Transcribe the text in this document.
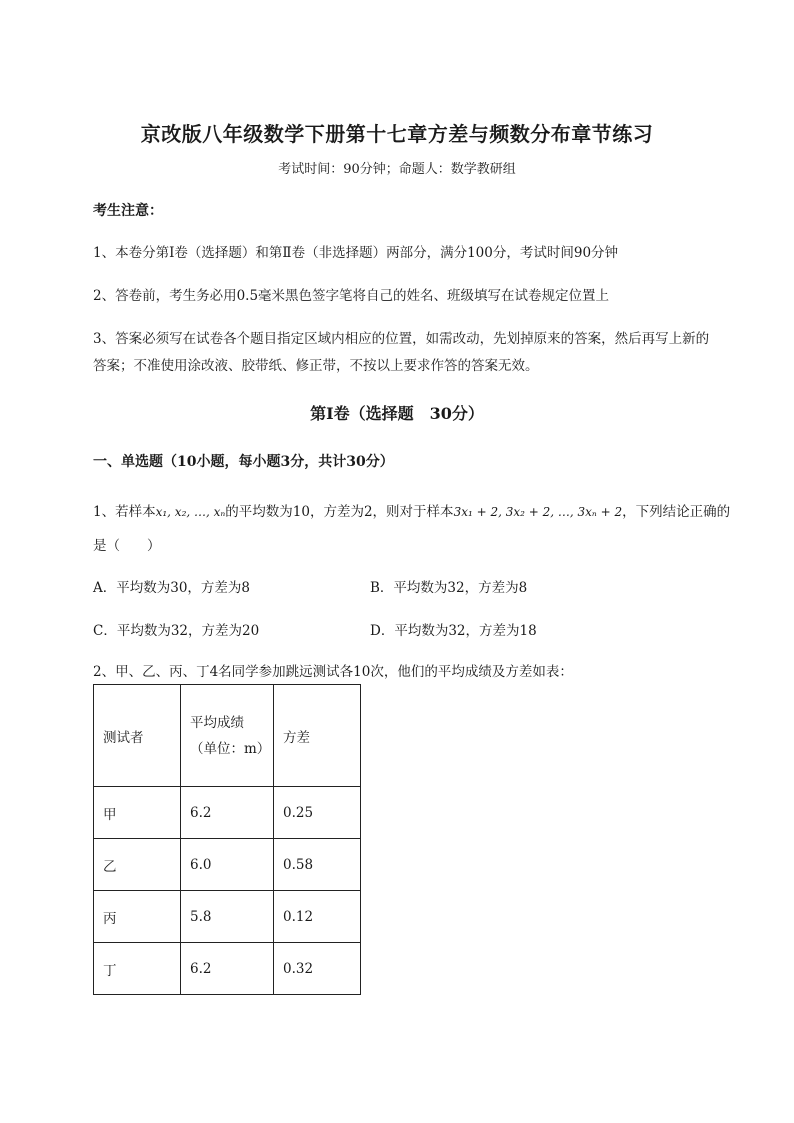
京改版八年级数学下册第十七章方差与频数分布章节练习
考试时间：90分钟；命题人：数学教研组
考生注意：
1、本卷分第I卷（选择题）和第Ⅱ卷（非选择题）两部分，满分100分，考试时间90分钟
2、答卷前，考生务必用0.5毫米黑色签字笔将自己的姓名、班级填写在试卷规定位置上
3、答案必须写在试卷各个题目指定区域内相应的位置，如需改动，先划掉原来的答案，然后再写上新的答案；不准使用涂改液、胶带纸、修正带，不按以上要求作答的答案无效。
第I卷（选择题　30分）
一、单选题（10小题，每小题3分，共计30分）
1、若样本x₁, x₂, …, xₙ的平均数为10，方差为2，则对于样本3x₁ + 2, 3x₂ + 2, …, 3xₙ + 2，下列结论正确的
是（　　）
A．平均数为30，方差为8	B．平均数为32，方差为8
C．平均数为32，方差为20	D．平均数为32，方差为18
2、甲、乙、丙、丁4名同学参加跳远测试各10次，他们的平均成绩及方差如表：
测试者	平均成绩（单位：m）	方差
甲	6.2	0.25
乙	6.0	0.58
丙	5.8	0.12
丁	6.2	0.32
